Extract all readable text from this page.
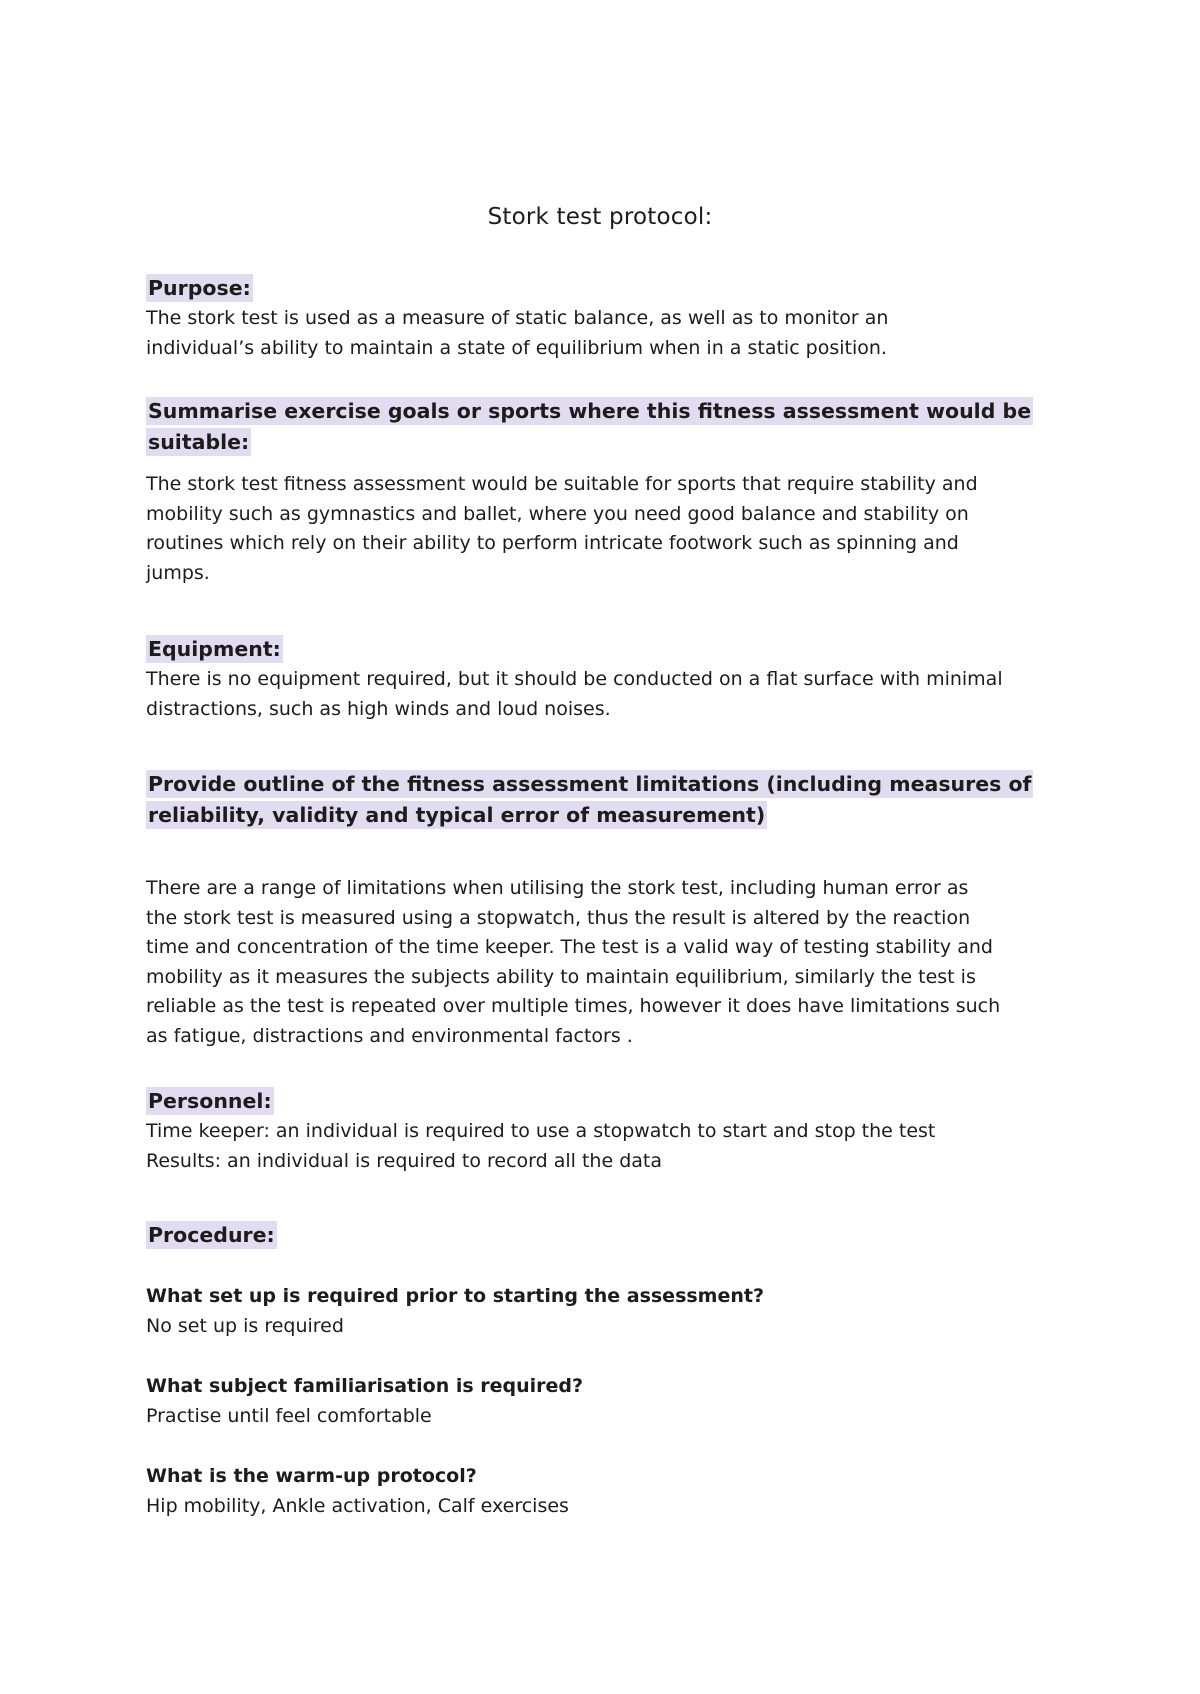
Stork test protocol:

Purpose:

The stork test is used as a measure of static balance, as well as to monitor an
individual’s ability to maintain a state of equilibrium when in a static position.

Summarise exercise goals or sports where this fitness assessment would be suitable:

The stork test fitness assessment would be suitable for sports that require stability and
mobility such as gymnastics and ballet, where you need good balance and stability on
routines which rely on their ability to perform intricate footwork such as spinning and
jumps.

Equipment:

There is no equipment required, but it should be conducted on a flat surface with minimal
distractions, such as high winds and loud noises.

Provide outline of the fitness assessment limitations (including measures of reliability, validity and typical error of measurement)

There are a range of limitations when utilising the stork test, including human error as
the stork test is measured using a stopwatch, thus the result is altered by the reaction
time and concentration of the time keeper. The test is a valid way of testing stability and
mobility as it measures the subjects ability to maintain equilibrium, similarly the test is
reliable as the test is repeated over multiple times, however it does have limitations such
as fatigue, distractions and environmental factors .

Personnel:

Time keeper: an individual is required to use a stopwatch to start and stop the test
Results: an individual is required to record all the data

Procedure:

What set up is required prior to starting the assessment?

No set up is required

What subject familiarisation is required?

Practise until feel comfortable

What is the warm-up protocol?

Hip mobility, Ankle activation, Calf exercises
